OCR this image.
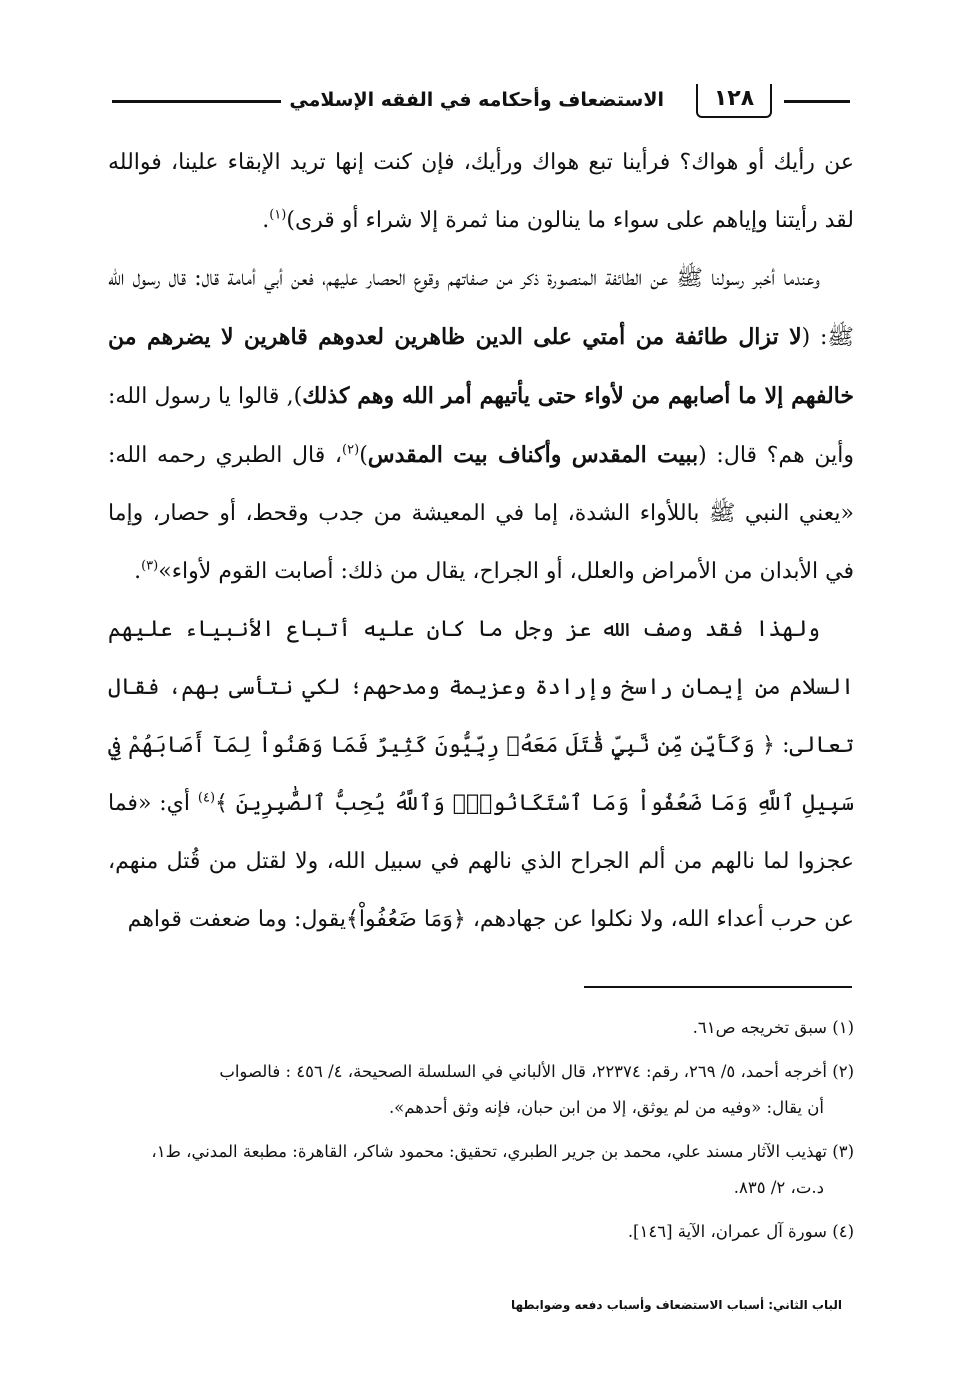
١٢٨
الاستضعاف وأحكامه في الفقه الإسلامي

عن رأيك أو هواك؟ فرأينا تبع هواك ورأيك، فإن كنت إنها تريد الإبقاء علينا، فوالله لقد رأيتنا وإياهم على سواء ما ينالون منا ثمرة إلا شراء أو قرى)$^{(١)}$.

وعندما أخبر رسولنا ﷺ عن الطائفة المنصورة ذكر من صفاتهم وقوع الحصار عليهم، فعن أبي أمامة قال: قال رسول الله ﷺ: (لا تزال طائفة من أمتي على الدين ظاهرين لعدوهم قاهرين لا يضرهم من خالفهم إلا ما أصابهم من لأواء حتى يأتيهم أمر الله وهم كذلك), قالوا يا رسول الله: وأين هم؟ قال: (ببيت المقدس وأكناف بيت المقدس)$^{(٢)}$، قال الطبري رحمه الله: «يعني النبي ﷺ باللأواء الشدة، إما في المعيشة من جدب وقحط، أو حصار، وإما في الأبدان من الأمراض والعلل، أو الجراح، يقال من ذلك: أصابت القوم لأواء»$^{(٣)}$.

ولهذا فقد وصف الله عز وجل ما كان عليه أتباع الأنبياء عليهم السلام من إيمان راسخ وإرادة وعزيمة ومدحهم؛ لكي نتأسى بهم، فقال تعالى: ﴿ وَكَأَيِّن مِّن نَّبِيٍّ قَٰتَلَ مَعَهُۥ رِبِّيُّونَ كَثِيرٌ فَمَا وَهَنُواْ لِمَآ أَصَابَهُمْ فِي سَبِيلِ ٱللَّهِ وَمَا ضَعُفُواْ وَمَا ٱسْتَكَانُواْۗ وَٱللَّهُ يُحِبُّ ٱلصَّٰبِرِينَ ﴾$^{(٤)}$ أي: «فما عجزوا لما نالهم من ألم الجراح الذي نالهم في سبيل الله، ولا لقتل من قُتل منهم، عن حرب أعداء الله، ولا نكلوا عن جهادهم، ﴿وَمَا ضَعُفُواْ﴾يقول: وما ضعفت قواهم

(١) سبق تخريجه ص٦١.

(٢) أخرجه أحمد، ٥/ ٢٦٩، رقم: ٢٢٣٧٤، قال الألباني في السلسلة الصحيحة، ٤/ ٤٥٦ : فالصواب

أن يقال: «وفيه من لم يوثق، إلا من ابن حبان، فإنه وثق أحدهم».

(٣) تهذيب الآثار مسند علي، محمد بن جرير الطبري، تحقيق: محمود شاكر، القاهرة: مطبعة المدني، ط١،

د.ت، ٢/ ٨٣٥.

(٤) سورة آل عمران، الآية [١٤٦].

الباب الثاني: أسباب الاستضعاف وأسباب دفعه وضوابطها
